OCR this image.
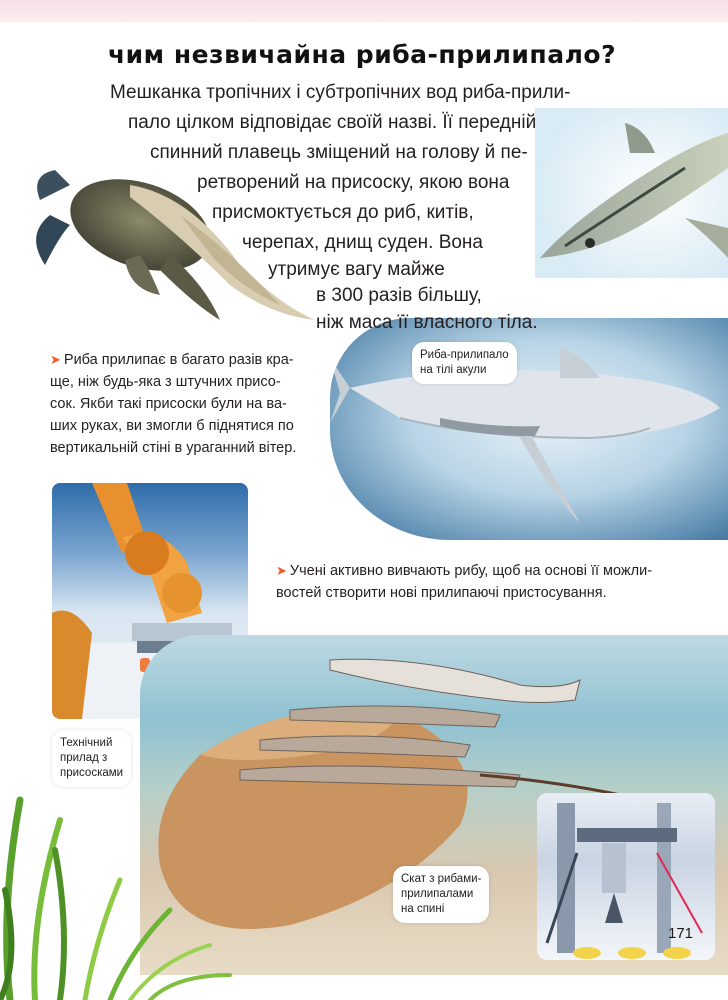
чим незвичайна риба-прилипало?
Мешканка тропічних і субтропічних вод риба-прили-
пало цілком відповідає своїй назві. Її передній
спинний плавець зміщений на голову й пе-
ретворений на присоску, якою вона
присмоктується до риб, китів,
черепах, днищ суден. Вона
утримує вагу майже
в 300 разів більшу,
ніж маса її власного тіла.
➤ Риба прилипає в багато разів кра-
ще, ніж будь-яка з штучних присо-
сок. Якби такі присоски були на ва-
ших руках, ви змогли б піднятися по
вертикальній стіні в ураганний вітер.
Риба-прилипало
на тілі акули
➤ Учені активно вивчають рибу, щоб на основі її можли-
востей створити нові прилипаючі пристосування.
Технічний
прилад з
присосками
Скат з рибами-
прилипалами
на спині
171
